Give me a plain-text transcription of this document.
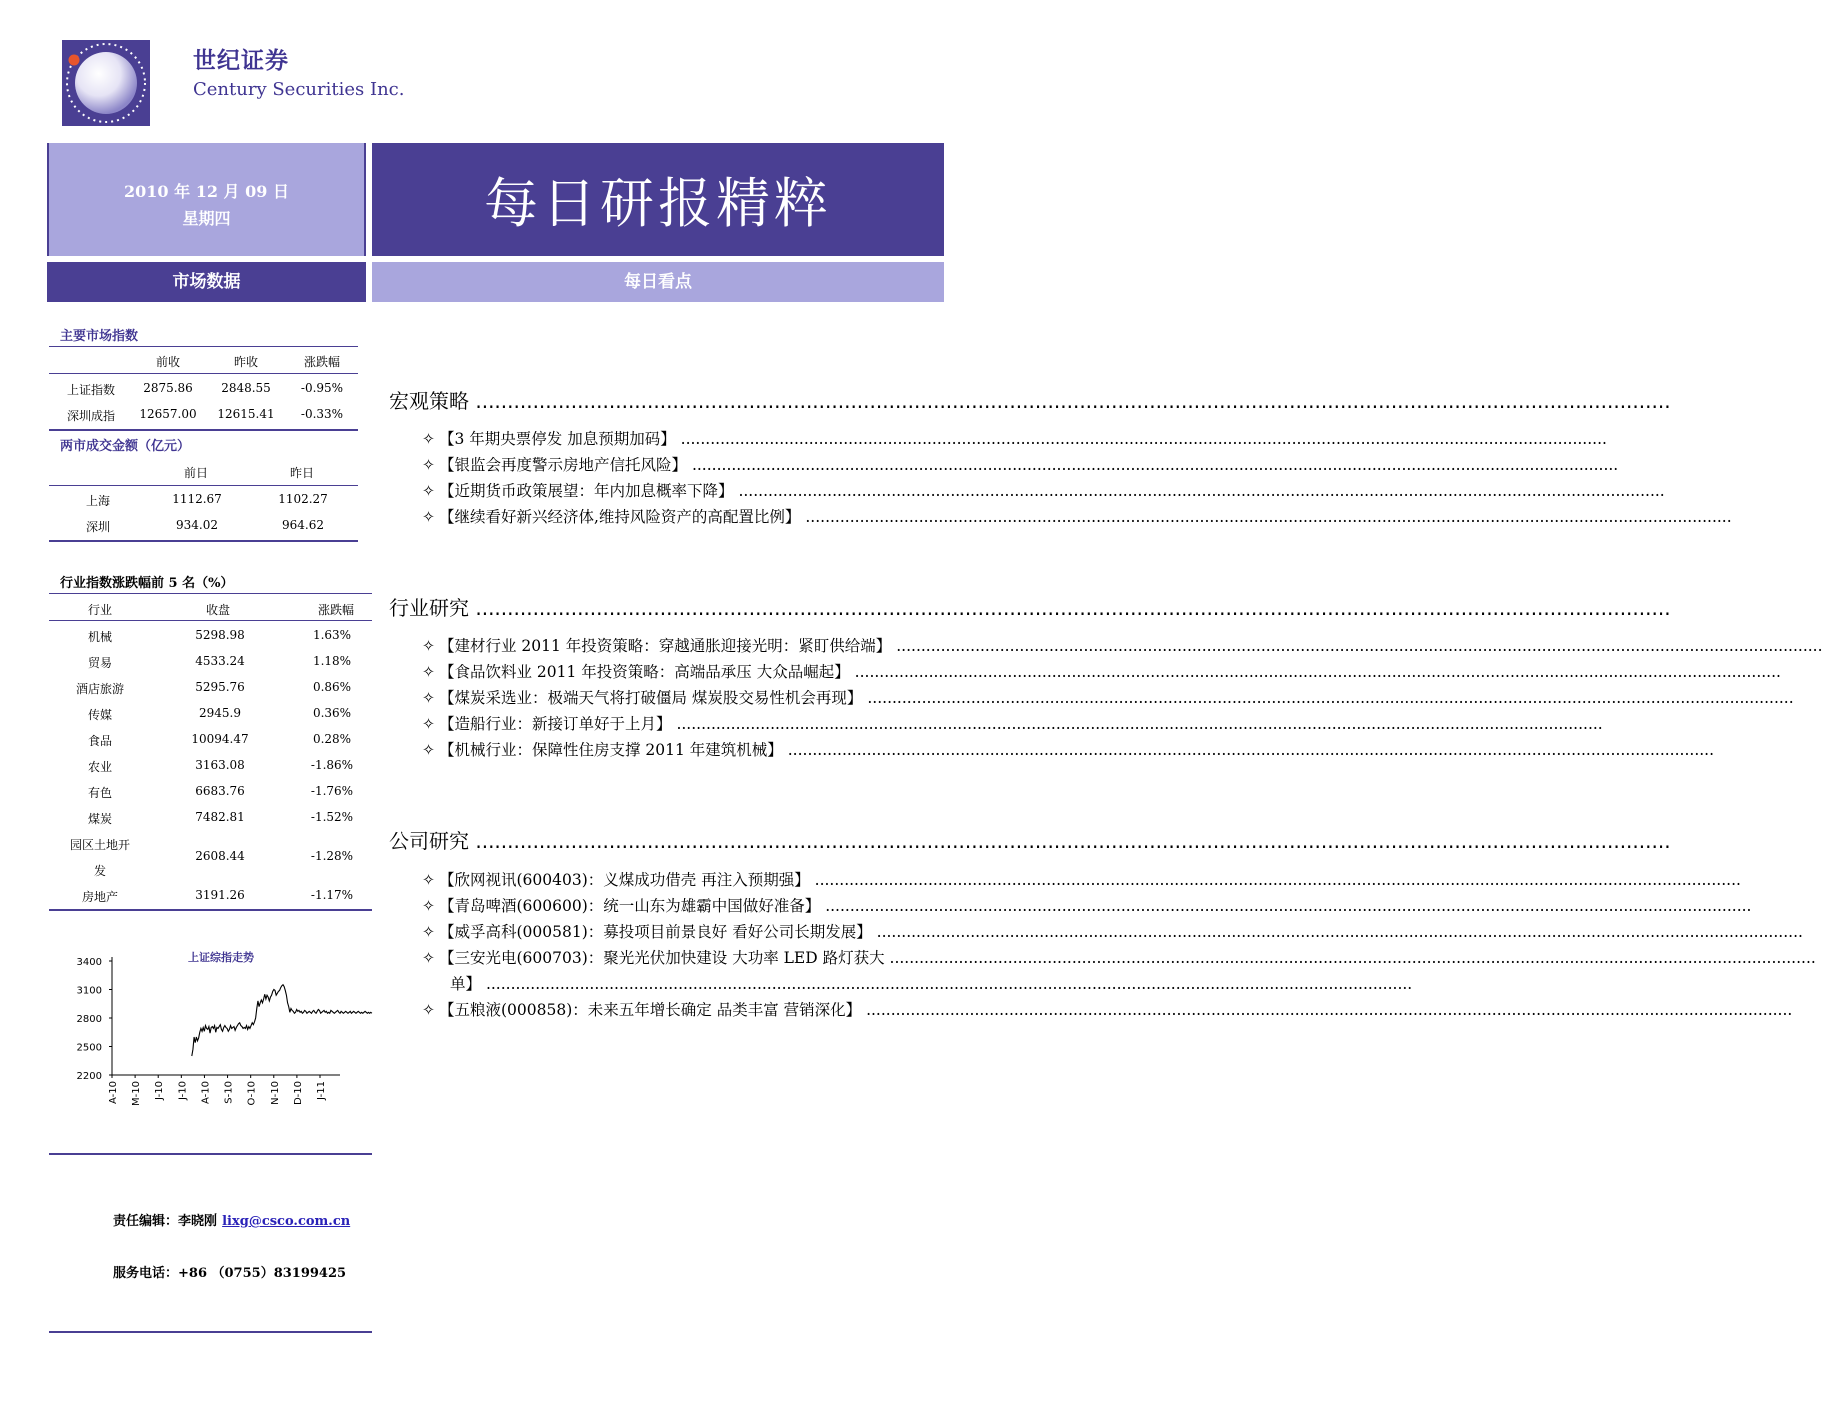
世纪证券
Century Securities Inc.
2010 年 12 月 09 日
星期四	每日研报精粹
市场数据	每日看点
主要市场指数
前收	昨收	涨跌幅
上证指数	2875.86	2848.55	-0.95%
深圳成指	12657.00	12615.41	-0.33%
两市成交金额（亿元）
前日	昨日
上海	1112.67	1102.27
深圳	934.02	964.62
行业指数涨跌幅前 5 名（%）
行业	收盘	涨跌幅
机械	5298.98	1.63%
贸易	4533.24	1.18%
酒店旅游	5295.76	0.86%
传媒	2945.9	0.36%
食品	10094.47	0.28%
农业	3163.08	-1.86%
有色	6683.76	-1.76%
煤炭	7482.81	-1.52%
园区土地开
发
2608.44	-1.28%
房地产	3191.26	-1.17%
上证综指走势
3400
3100
2800
2500
2200
A-10 M-10 J-10 J-10 A-10 S-10 O-10 N-10 D-10 J-11
责任编辑：李晓刚 lixg@csco.com.cn
服务电话：+86 （0755）83199425
宏观策略 ............................................................................................................................................................................................
✧ 【3 年期央票停发 加息预期加码】 ............................................................................................................................................................................................
✧ 【银监会再度警示房地产信托风险】 ............................................................................................................................................................................................
✧ 【近期货币政策展望：年内加息概率下降】 ............................................................................................................................................................................................
✧ 【继续看好新兴经济体,维持风险资产的高配置比例】 ............................................................................................................................................................................................
行业研究 ............................................................................................................................................................................................
✧ 【建材行业 2011 年投资策略：穿越通胀迎接光明：紧盯供给端】 ............................................................................................................................................................................................
✧ 【食品饮料业 2011 年投资策略：高端品承压 大众品崛起】 ............................................................................................................................................................................................
✧ 【煤炭采选业：极端天气将打破僵局 煤炭股交易性机会再现】 ............................................................................................................................................................................................
✧ 【造船行业：新接订单好于上月】 ............................................................................................................................................................................................
✧ 【机械行业：保障性住房支撑 2011 年建筑机械】 ............................................................................................................................................................................................
公司研究 ............................................................................................................................................................................................
✧ 【欣网视讯(600403)：义煤成功借壳 再注入预期强】 ............................................................................................................................................................................................
✧ 【青岛啤酒(600600)：统一山东为雄霸中国做好准备】 ............................................................................................................................................................................................
✧ 【威孚高科(000581)：募投项目前景良好 看好公司长期发展】 ............................................................................................................................................................................................
✧ 【三安光电(600703)：聚光光伏加快建设 大功率 LED 路灯获大 ............................................................................................................................................................................................
单】 ............................................................................................................................................................................................
✧ 【五粮液(000858)：未来五年增长确定 品类丰富 营销深化】 ............................................................................................................................................................................................
